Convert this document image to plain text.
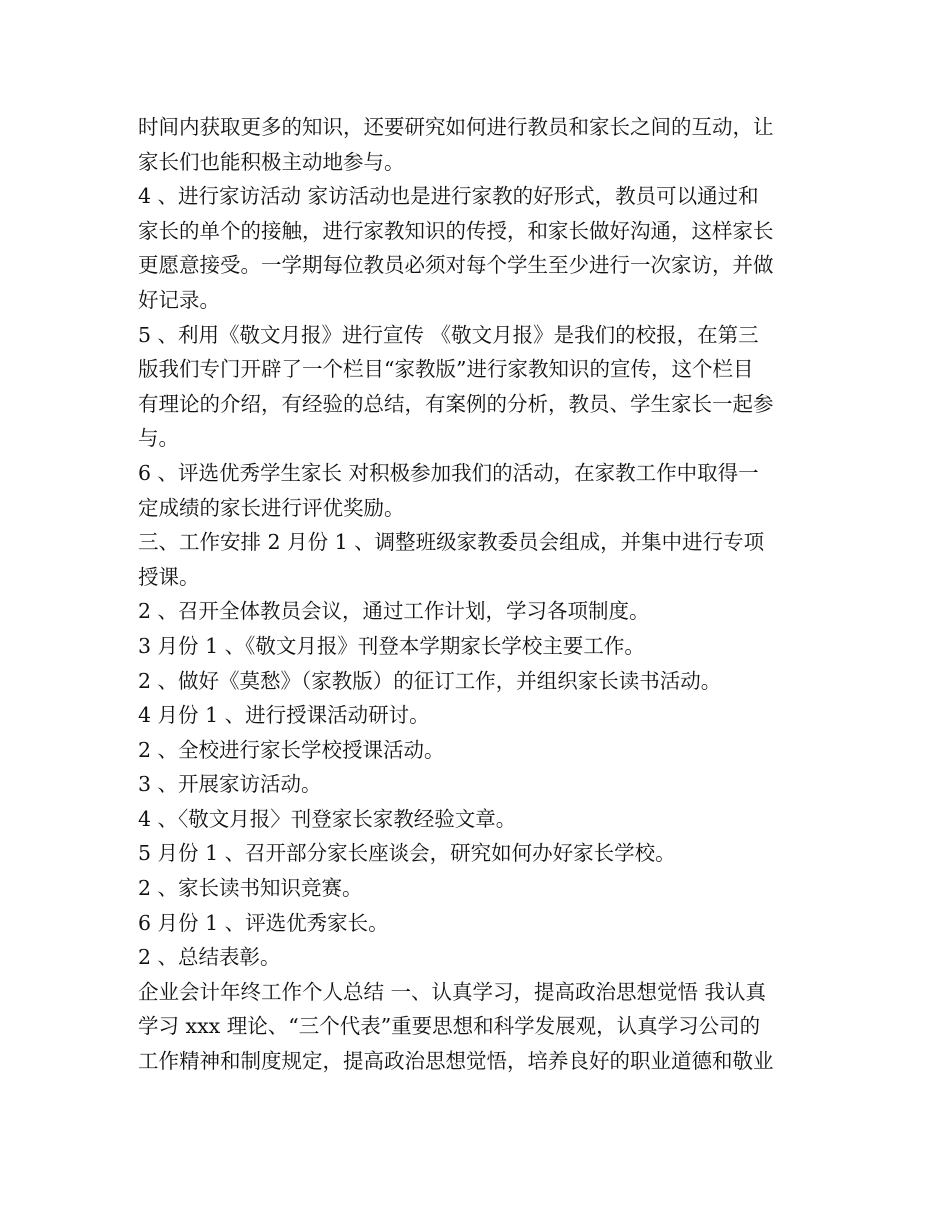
时间内获取更多的知识，还要研究如何进行教员和家长之间的互动，让
家长们也能积极主动地参与。
4 、进行家访活动 家访活动也是进行家教的好形式，教员可以通过和
家长的单个的接触，进行家教知识的传授，和家长做好沟通，这样家长
更愿意接受。一学期每位教员必须对每个学生至少进行一次家访，并做
好记录。
5 、利用《敬文月报》进行宣传 《敬文月报》是我们的校报，在第三
版我们专门开辟了一个栏目“家教版”进行家教知识的宣传，这个栏目
有理论的介绍，有经验的总结，有案例的分析，教员、学生家长一起参
与。
6 、评选优秀学生家长 对积极参加我们的活动，在家教工作中取得一
定成绩的家长进行评优奖励。
三、工作安排 2 月份 1 、调整班级家教委员会组成，并集中进行专项
授课。
2 、召开全体教员会议，通过工作计划，学习各项制度。
3 月份 1 、《敬文月报》刊登本学期家长学校主要工作。
2 、做好《莫愁》（家教版）的征订工作，并组织家长读书活动。
4 月份 1 、进行授课活动研讨。
2 、全校进行家长学校授课活动。
3 、开展家访活动。
4 、〈敬文月报〉刊登家长家教经验文章。
5 月份 1 、召开部分家长座谈会，研究如何办好家长学校。
2 、家长读书知识竞赛。
6 月份 1 、评选优秀家长。
2 、总结表彰。
企业会计年终工作个人总结 一、认真学习，提高政治思想觉悟 我认真
学习 xxx 理论、“三个代表”重要思想和科学发展观，认真学习公司的
工作精神和制度规定，提高政治思想觉悟，培养良好的职业道德和敬业
